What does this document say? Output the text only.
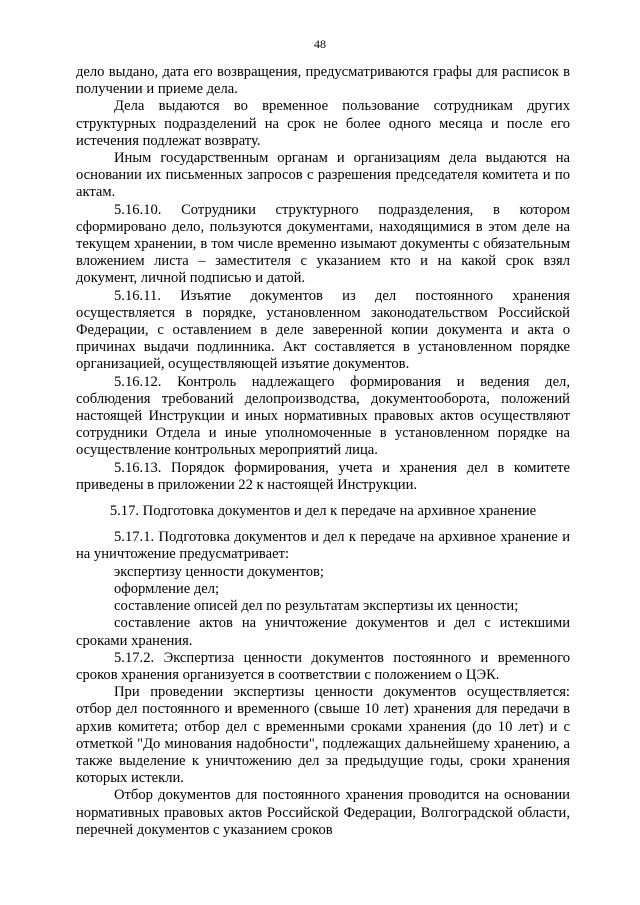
48

дело выдано, дата его возвращения, предусматриваются графы для расписок в получении и приеме дела.

Дела выдаются во временное пользование сотрудникам других структурных подразделений на срок не более одного месяца и после его истечения подлежат возврату.

Иным государственным органам и организациям дела выдаются на основании их письменных запросов с разрешения председателя комитета и по актам.

5.16.10. Сотрудники структурного подразделения, в котором сформировано дело, пользуются документами, находящимися в этом деле на текущем хранении, в том числе временно изымают документы с обязательным вложением листа – заместителя с указанием кто и на какой срок взял документ, личной подписью и датой.

5.16.11. Изъятие документов из дел постоянного хранения осуществляется в порядке, установленном законодательством Российской Федерации, с оставлением в деле заверенной копии документа и акта о причинах выдачи подлинника. Акт составляется в установленном порядке организацией, осуществляющей изъятие документов.

5.16.12. Контроль надлежащего формирования и ведения дел, соблюдения требований делопроизводства, документооборота, положений настоящей Инструкции и иных нормативных правовых актов осуществляют сотрудники Отдела и иные уполномоченные в установленном порядке на осуществление контрольных мероприятий лица.

5.16.13. Порядок формирования, учета и хранения дел в комитете приведены в приложении 22 к настоящей Инструкции.

5.17. Подготовка документов и дел к передаче на архивное хранение

5.17.1. Подготовка документов и дел к передаче на архивное хранение и на уничтожение предусматривает:

экспертизу ценности документов;

оформление дел;

составление описей дел по результатам экспертизы их ценности;

составление актов на уничтожение документов и дел с истекшими сроками хранения.

5.17.2. Экспертиза ценности документов постоянного и временного сроков хранения организуется в соответствии с положением о ЦЭК.

При проведении экспертизы ценности документов осуществляется: отбор дел постоянного и временного (свыше 10 лет) хранения для передачи в архив комитета; отбор дел с временными сроками хранения (до 10 лет) и с отметкой "До минования надобности", подлежащих дальнейшему хранению, а также выделение к уничтожению дел за предыдущие годы, сроки хранения которых истекли.

Отбор документов для постоянного хранения проводится на основании нормативных правовых актов Российской Федерации, Волгоградской области, перечней документов с указанием сроков
